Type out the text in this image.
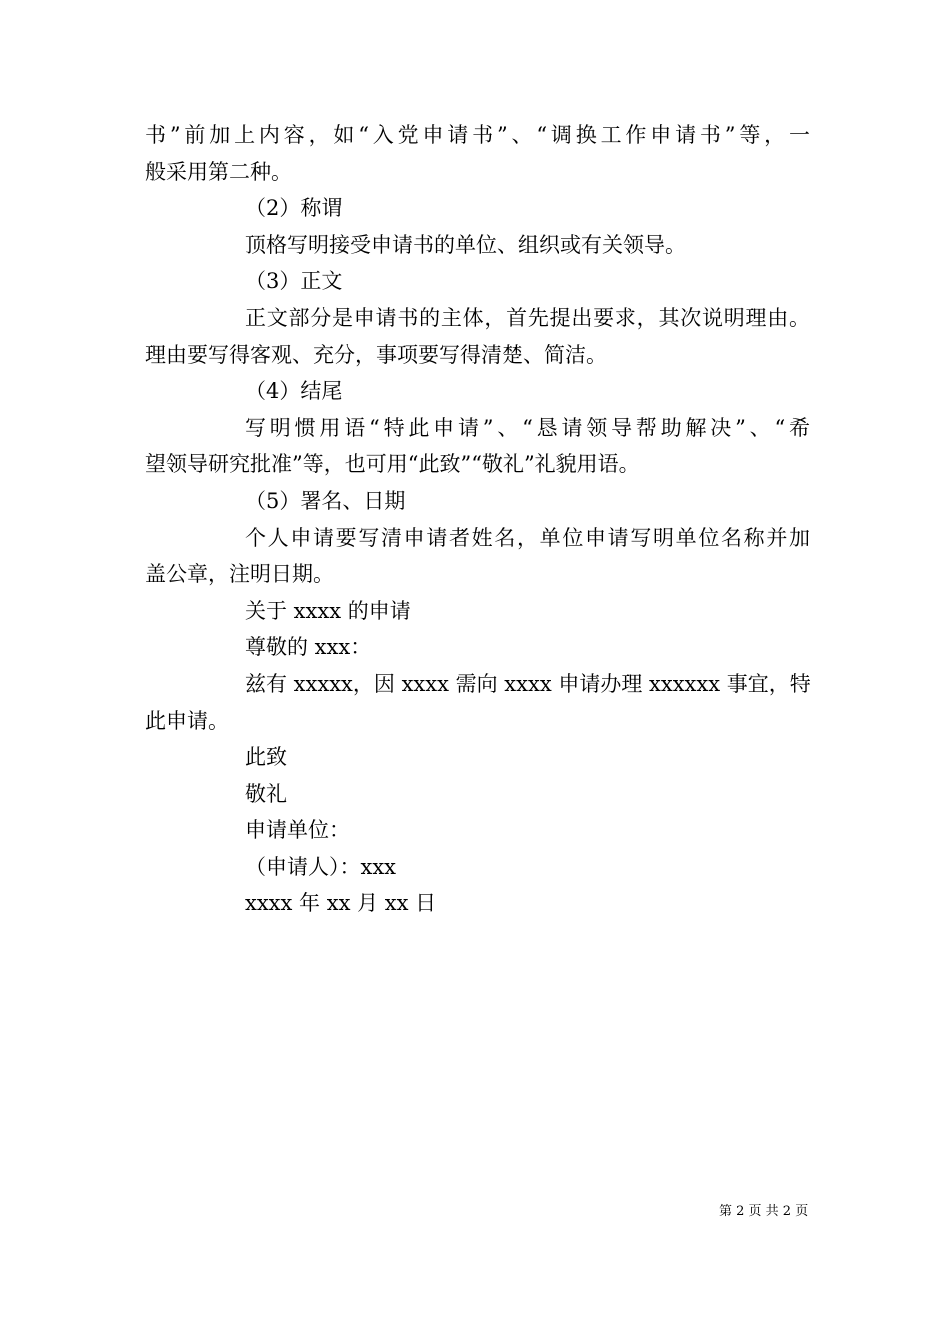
书”前加上内容，如“入党申请书”、“调换工作申请书”等，一
般采用第二种。
（2）称谓
顶格写明接受申请书的单位、组织或有关领导。
（3）正文
正文部分是申请书的主体，首先提出要求，其次说明理由。
理由要写得客观、充分，事项要写得清楚、简洁。
（4）结尾
写明惯用语“特此申请”、“恳请领导帮助解决”、“希
望领导研究批准”等，也可用“此致”“敬礼”礼貌用语。
（5）署名、日期
个人申请要写清申请者姓名，单位申请写明单位名称并加
盖公章，注明日期。
关于 xxxx 的申请
尊敬的 xxx：
兹有 xxxxx，因 xxxx 需向 xxxx 申请办理 xxxxxx 事宜，特
此申请。
此致
敬礼
申请单位：
（申请人）：xxx
xxxx 年 xx 月 xx 日
第 2 页 共 2 页
